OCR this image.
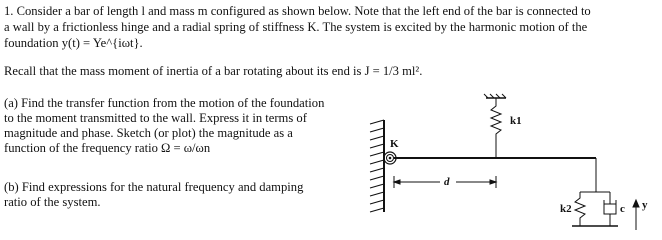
1. Consider a bar of length l and mass m configured as shown below. Note that the left end of the bar is connected to
a wall by a frictionless hinge and a radial spring of stiffness K. The system is excited by the harmonic motion of the
foundation y(t) = Ye^{iωt}.
Recall that the mass moment of inertia of a bar rotating about its end is J = 1/3 ml².
(a) Find the transfer function from the motion of the foundation
to the moment transmitted to the wall. Express it in terms of
magnitude and phase. Sketch (or plot) the magnitude as a
function of the frequency ratio Ω = ω/ωn
(b) Find expressions for the natural frequency and damping
ratio of the system.
K
k1
d
k2	c y
